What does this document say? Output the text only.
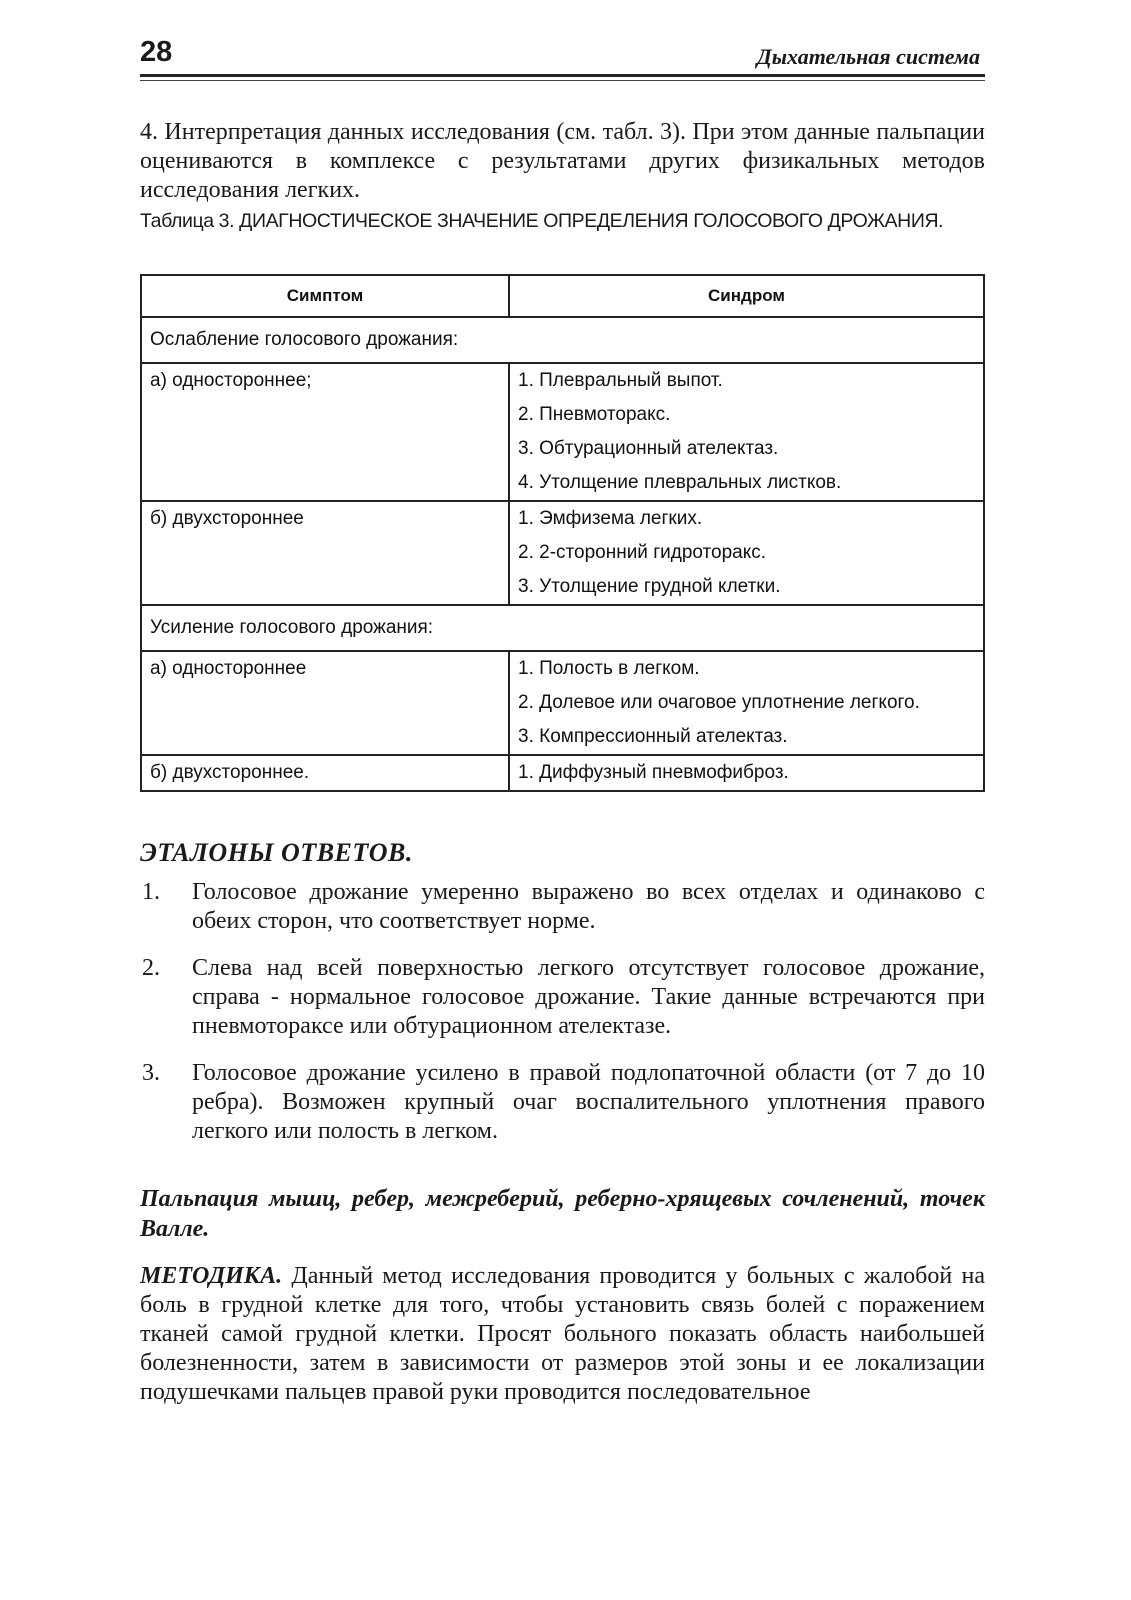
28	Дыхательная система

4. Интерпретация данных исследования (см. табл. 3). При этом данные пальпации оцениваются в комплексе с результатами других физикальных методов исследования легких.

Таблица 3. ДИАГНОСТИЧЕСКОЕ ЗНАЧЕНИЕ ОПРЕДЕЛЕНИЯ ГОЛОСОВОГО ДРОЖАНИЯ.
Симптом	Синдром
Ослабление голосового дрожания:	

а) одностороннее;	1. Плевральный выпот.
2. Пневмоторакс.
3. Обтурационный ателектаз.
4. Утолщение плевральных листков.

б) двухстороннее	1. Эмфизема легких.
2. 2-сторонний гидроторакс.
3. Утолщение грудной клетки.

Усиление голосового дрожания:	

а) одностороннее	1. Полость в легком.
2. Долевое или очаговое уплотнение легкого.
3. Компрессионный ателектаз.

б) двухстороннее.	1. Диффузный пневмофиброз.
ЭТАЛОНЫ ОТВЕТОВ.
1. Голосовое дрожание умеренно выражено во всех отделах и одинаково с обеих сторон, что соответствует норме.
2. Слева над всей поверхностью легкого отсутствует голосовое дрожание, справа - нормальное голосовое дрожание. Такие данные встречаются при пневмотораксе или обтурационном ателектазе.
3. Голосовое дрожание усилено в правой подлопаточной области (от 7 до 10 ребра). Возможен крупный очаг воспалительного уплотнения правого легкого или полость в легком.
Пальпация мышц, ребер, межреберий, реберно-хрящевых сочленений, точек Валле.

МЕТОДИКА. Данный метод исследования проводится у больных с жалобой на боль в грудной клетке для того, чтобы установить связь болей с поражением тканей самой грудной клетки. Просят больного показать область наибольшей болезненности, затем в зависимости от размеров этой зоны и ее локализации подушечками пальцев правой руки проводится последовательное
